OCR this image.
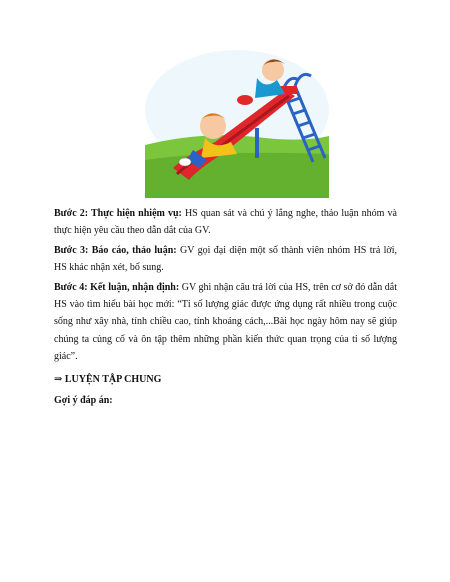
Bước 2: Thực hiện nhiệm vụ: HS quan sát và chú ý lắng nghe, thảo luận nhóm và thực hiện yêu cầu theo dẫn dắt của GV.
Bước 3: Báo cáo, thảo luận: GV gọi đại diện một số thành viên nhóm HS trả lời, HS khác nhận xét, bổ sung.
Bước 4: Kết luận, nhận định: GV ghi nhận câu trả lời của HS, trên cơ sở đó dẫn dắt HS vào tìm hiểu bài học mới: “Tỉ số lượng giác được ứng dụng rất nhiều trong cuộc sống như xây nhà, tính chiều cao, tính khoảng cách,...Bài học ngày hôm nay sẽ giúp chúng ta củng cố và ôn tập thêm những phần kiến thức quan trọng của tỉ số lượng giác”.
⇒ LUYỆN TẬP CHUNG
Gợi ý đáp án:
